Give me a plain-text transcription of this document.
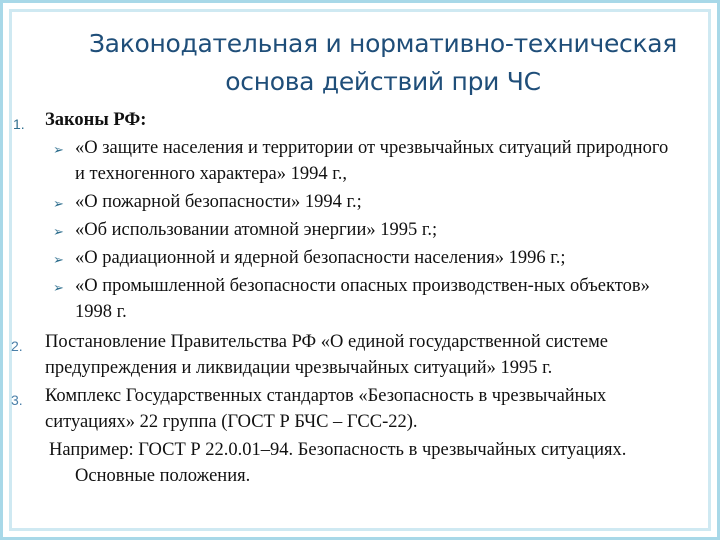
Законодательная и нормативно-техническая
основа действий при ЧС
1. Законы РФ:
➢ «О защите населения и территории от чрезвычайных ситуаций природного
и техногенного характера» 1994 г.,
➢ «О пожарной безопасности» 1994 г.;
➢ «Об использовании атомной энергии» 1995 г.;
➢ «О радиационной и ядерной безопасности населения» 1996 г.;
➢ «О промышленной безопасности опасных производствен-ных объектов»
1998 г.
2. Постановление Правительства РФ «О единой государственной системе
предупреждения и ликвидации чрезвычайных ситуаций» 1995 г.
3. Комплекс Государственных стандартов «Безопасность в чрезвычайных
ситуациях» 22 группа (ГОСТ Р БЧС – ГСС-22).
Например: ГОСТ Р 22.0.01–94. Безопасность в чрезвычайных ситуациях.
Основные положения.
